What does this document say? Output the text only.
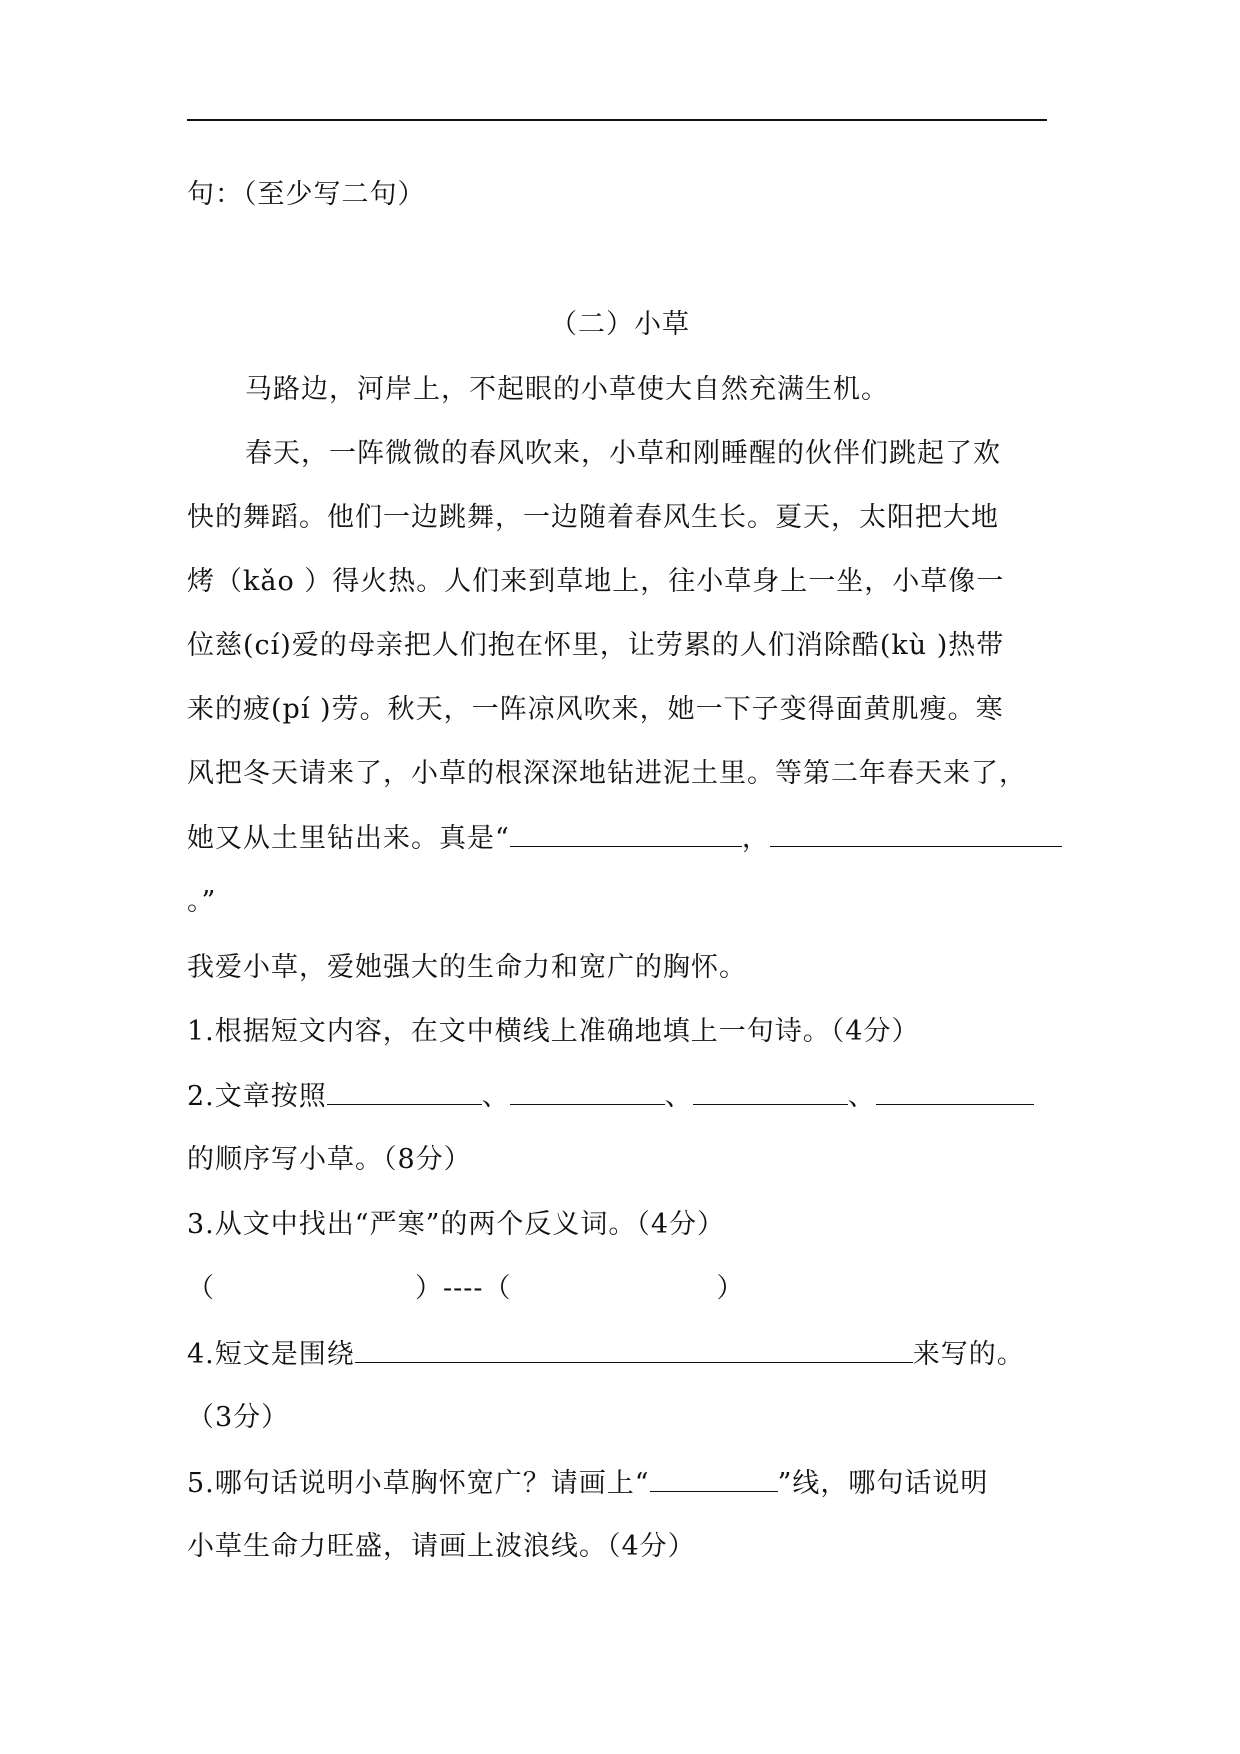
句：（至少写二句）
（二）小草
马路边，河岸上，不起眼的小草使大自然充满生机。
春天，一阵微微的春风吹来，小草和刚睡醒的伙伴们跳起了欢
快的舞蹈。他们一边跳舞，一边随着春风生长。夏天，太阳把大地
烤（kǎo ）得火热。人们来到草地上，往小草身上一坐，小草像一
位慈(cí)爱的母亲把人们抱在怀里，让劳累的人们消除酷(kù )热带
来的疲(pí )劳。秋天，一阵凉风吹来，她一下子变得面黄肌瘦。寒
风把冬天请来了，小草的根深深地钻进泥土里。等第二年春天来了，
她又从土里钻出来。真是“	，
。”
我爱小草，爱她强大的生命力和宽广的胸怀。
1.根据短文内容，在文中横线上准确地填上一句诗。（4分）
2.文章按照	、	、	、
的顺序写小草。（8分）
3.从文中找出“严寒”的两个反义词。（4分）
（	）----（	）
4.短文是围绕	来写的。
（3分）
5.哪句话说明小草胸怀宽广？请画上“	”线，哪句话说明
小草生命力旺盛，请画上波浪线。（4分）
